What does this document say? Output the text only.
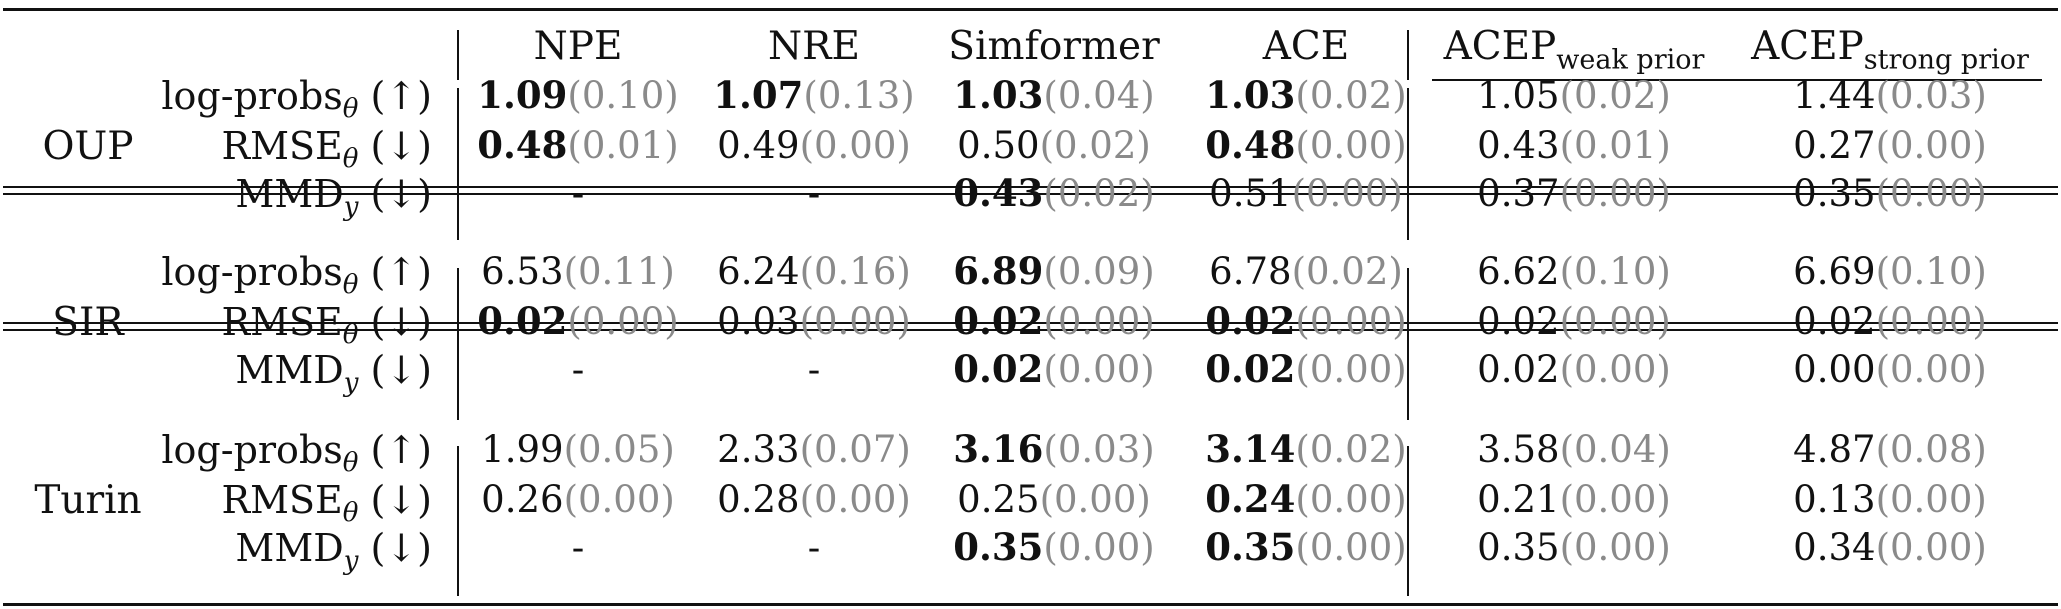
NPE	NRE Simformer	ACE $ACEP_{weak prior}$ $ACEP_{strong prior}$
OUP
log-probs$_\theta$ (↑) 1.09(0.10) 1.07(0.13) 1.03(0.04) 1.03(0.02) 1.05(0.02)	1.44(0.03)
$RMSE_\theta$ (↓) 0.48(0.01) 0.49(0.00) 0.50(0.02) 0.48(0.00) 0.43(0.01)	0.27(0.00)
$MMD_y$ (↓)	-	-	0.43(0.02) 0.51(0.00) 0.37(0.00)	0.35(0.00)
SIR
log-probs$_\theta$ (↑) 6.53(0.11) 6.24(0.16) 6.89(0.09) 6.78(0.02) 6.62(0.10)	6.69(0.10)
$RMSE_\theta$ (↓) 0.02(0.00) 0.03(0.00) 0.02(0.00) 0.02(0.00) 0.02(0.00)	0.02(0.00)
$MMD_y$ (↓)	-	-	0.02(0.00) 0.02(0.00) 0.02(0.00)	0.00(0.00)
Turin
log-probs$_\theta$ (↑) 1.99(0.05) 2.33(0.07) 3.16(0.03) 3.14(0.02) 3.58(0.04)	4.87(0.08)
$RMSE_\theta$ (↓) 0.26(0.00) 0.28(0.00) 0.25(0.00) 0.24(0.00) 0.21(0.00)	0.13(0.00)
$MMD_y$ (↓)	-	-	0.35(0.00) 0.35(0.00) 0.35(0.00)	0.34(0.00)
